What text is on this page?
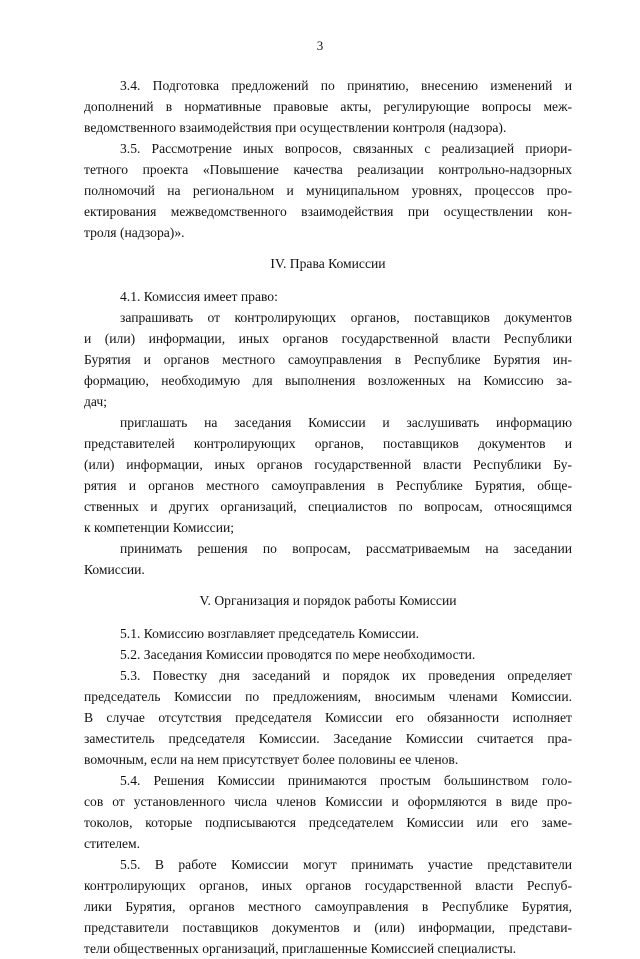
3
3.4. Подготовка предложений по принятию, внесению изменений и
дополнений в нормативные правовые акты, регулирующие вопросы меж-
ведомственного взаимодействия при осуществлении контроля (надзора).
3.5. Рассмотрение иных вопросов, связанных с реализацией приори-
тетного проекта «Повышение качества реализации контрольно-надзорных
полномочий на региональном и муниципальном уровнях, процессов про-
ектирования межведомственного взаимодействия при осуществлении кон-
троля (надзора)».
IV. Права Комиссии
4.1. Комиссия имеет право:
запрашивать от контролирующих органов, поставщиков документов
и (или) информации, иных органов государственной власти Республики
Бурятия и органов местного самоуправления в Республике Бурятия ин-
формацию, необходимую для выполнения возложенных на Комиссию за-
дач;
приглашать на заседания Комиссии и заслушивать информацию
представителей контролирующих органов, поставщиков документов и
(или) информации, иных органов государственной власти Республики Бу-
рятия и органов местного самоуправления в Республике Бурятия, обще-
ственных и других организаций, специалистов по вопросам, относящимся
к компетенции Комиссии;
принимать решения по вопросам, рассматриваемым на заседании
Комиссии.
V. Организация и порядок работы Комиссии
5.1. Комиссию возглавляет председатель Комиссии.
5.2. Заседания Комиссии проводятся по мере необходимости.
5.3. Повестку дня заседаний и порядок их проведения определяет
председатель Комиссии по предложениям, вносимым членами Комиссии.
В случае отсутствия председателя Комиссии его обязанности исполняет
заместитель председателя Комиссии. Заседание Комиссии считается пра-
вомочным, если на нем присутствует более половины ее членов.
5.4. Решения Комиссии принимаются простым большинством голо-
сов от установленного числа членов Комиссии и оформляются в виде про-
токолов, которые подписываются председателем Комиссии или его заме-
стителем.
5.5. В работе Комиссии могут принимать участие представители
контролирующих органов, иных органов государственной власти Респуб-
лики Бурятия, органов местного самоуправления в Республике Бурятия,
представители поставщиков документов и (или) информации, представи-
тели общественных организаций, приглашенные Комиссией специалисты.
